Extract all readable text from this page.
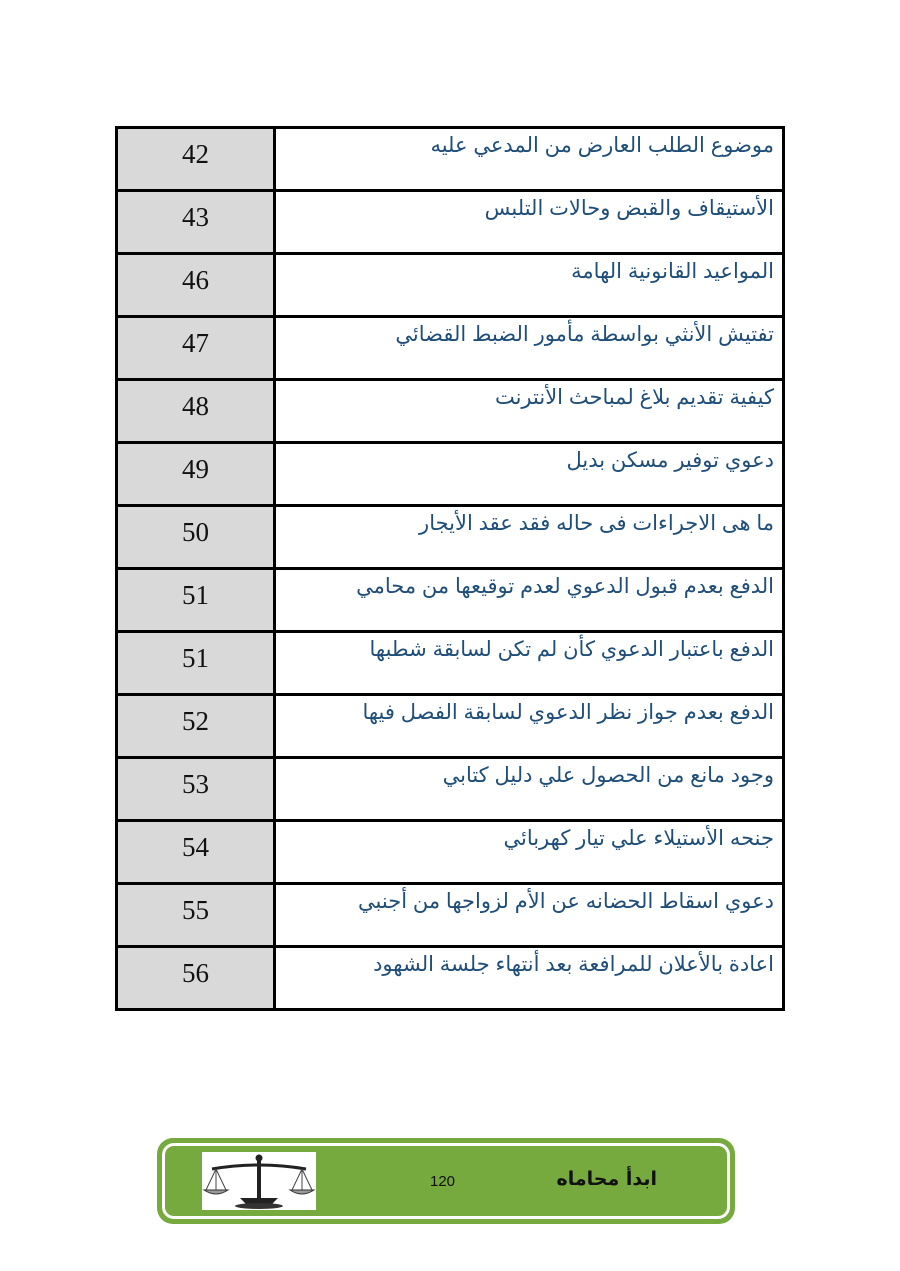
42	موضوع الطلب العارض من المدعي عليه
43	الأستيقاف والقبض وحالات التلبس
46	المواعيد القانونية الهامة
47	تفتيش الأنثي بواسطة مأمور الضبط القضائي
48	كيفية تقديم بلاغ لمباحث الأنترنت
49	دعوي توفير مسكن بديل
50	ما هى الاجراءات فى حاله فقد عقد الأيجار
51	الدفع بعدم قبول الدعوي لعدم توقيعها من محامي
51	الدفع باعتبار الدعوي كأن لم تكن لسابقة شطبها
52	الدفع بعدم جواز نظر الدعوي لسابقة الفصل فيها
53	وجود مانع من الحصول علي دليل كتابي
54	جنحه الأستيلاء علي تيار كهربائي
55	دعوي اسقاط الحضانه عن الأم لزواجها من أجنبي
56	اعادة بالأعلان للمرافعة بعد أنتهاء جلسة الشهود
120	ابدأ محاماه
